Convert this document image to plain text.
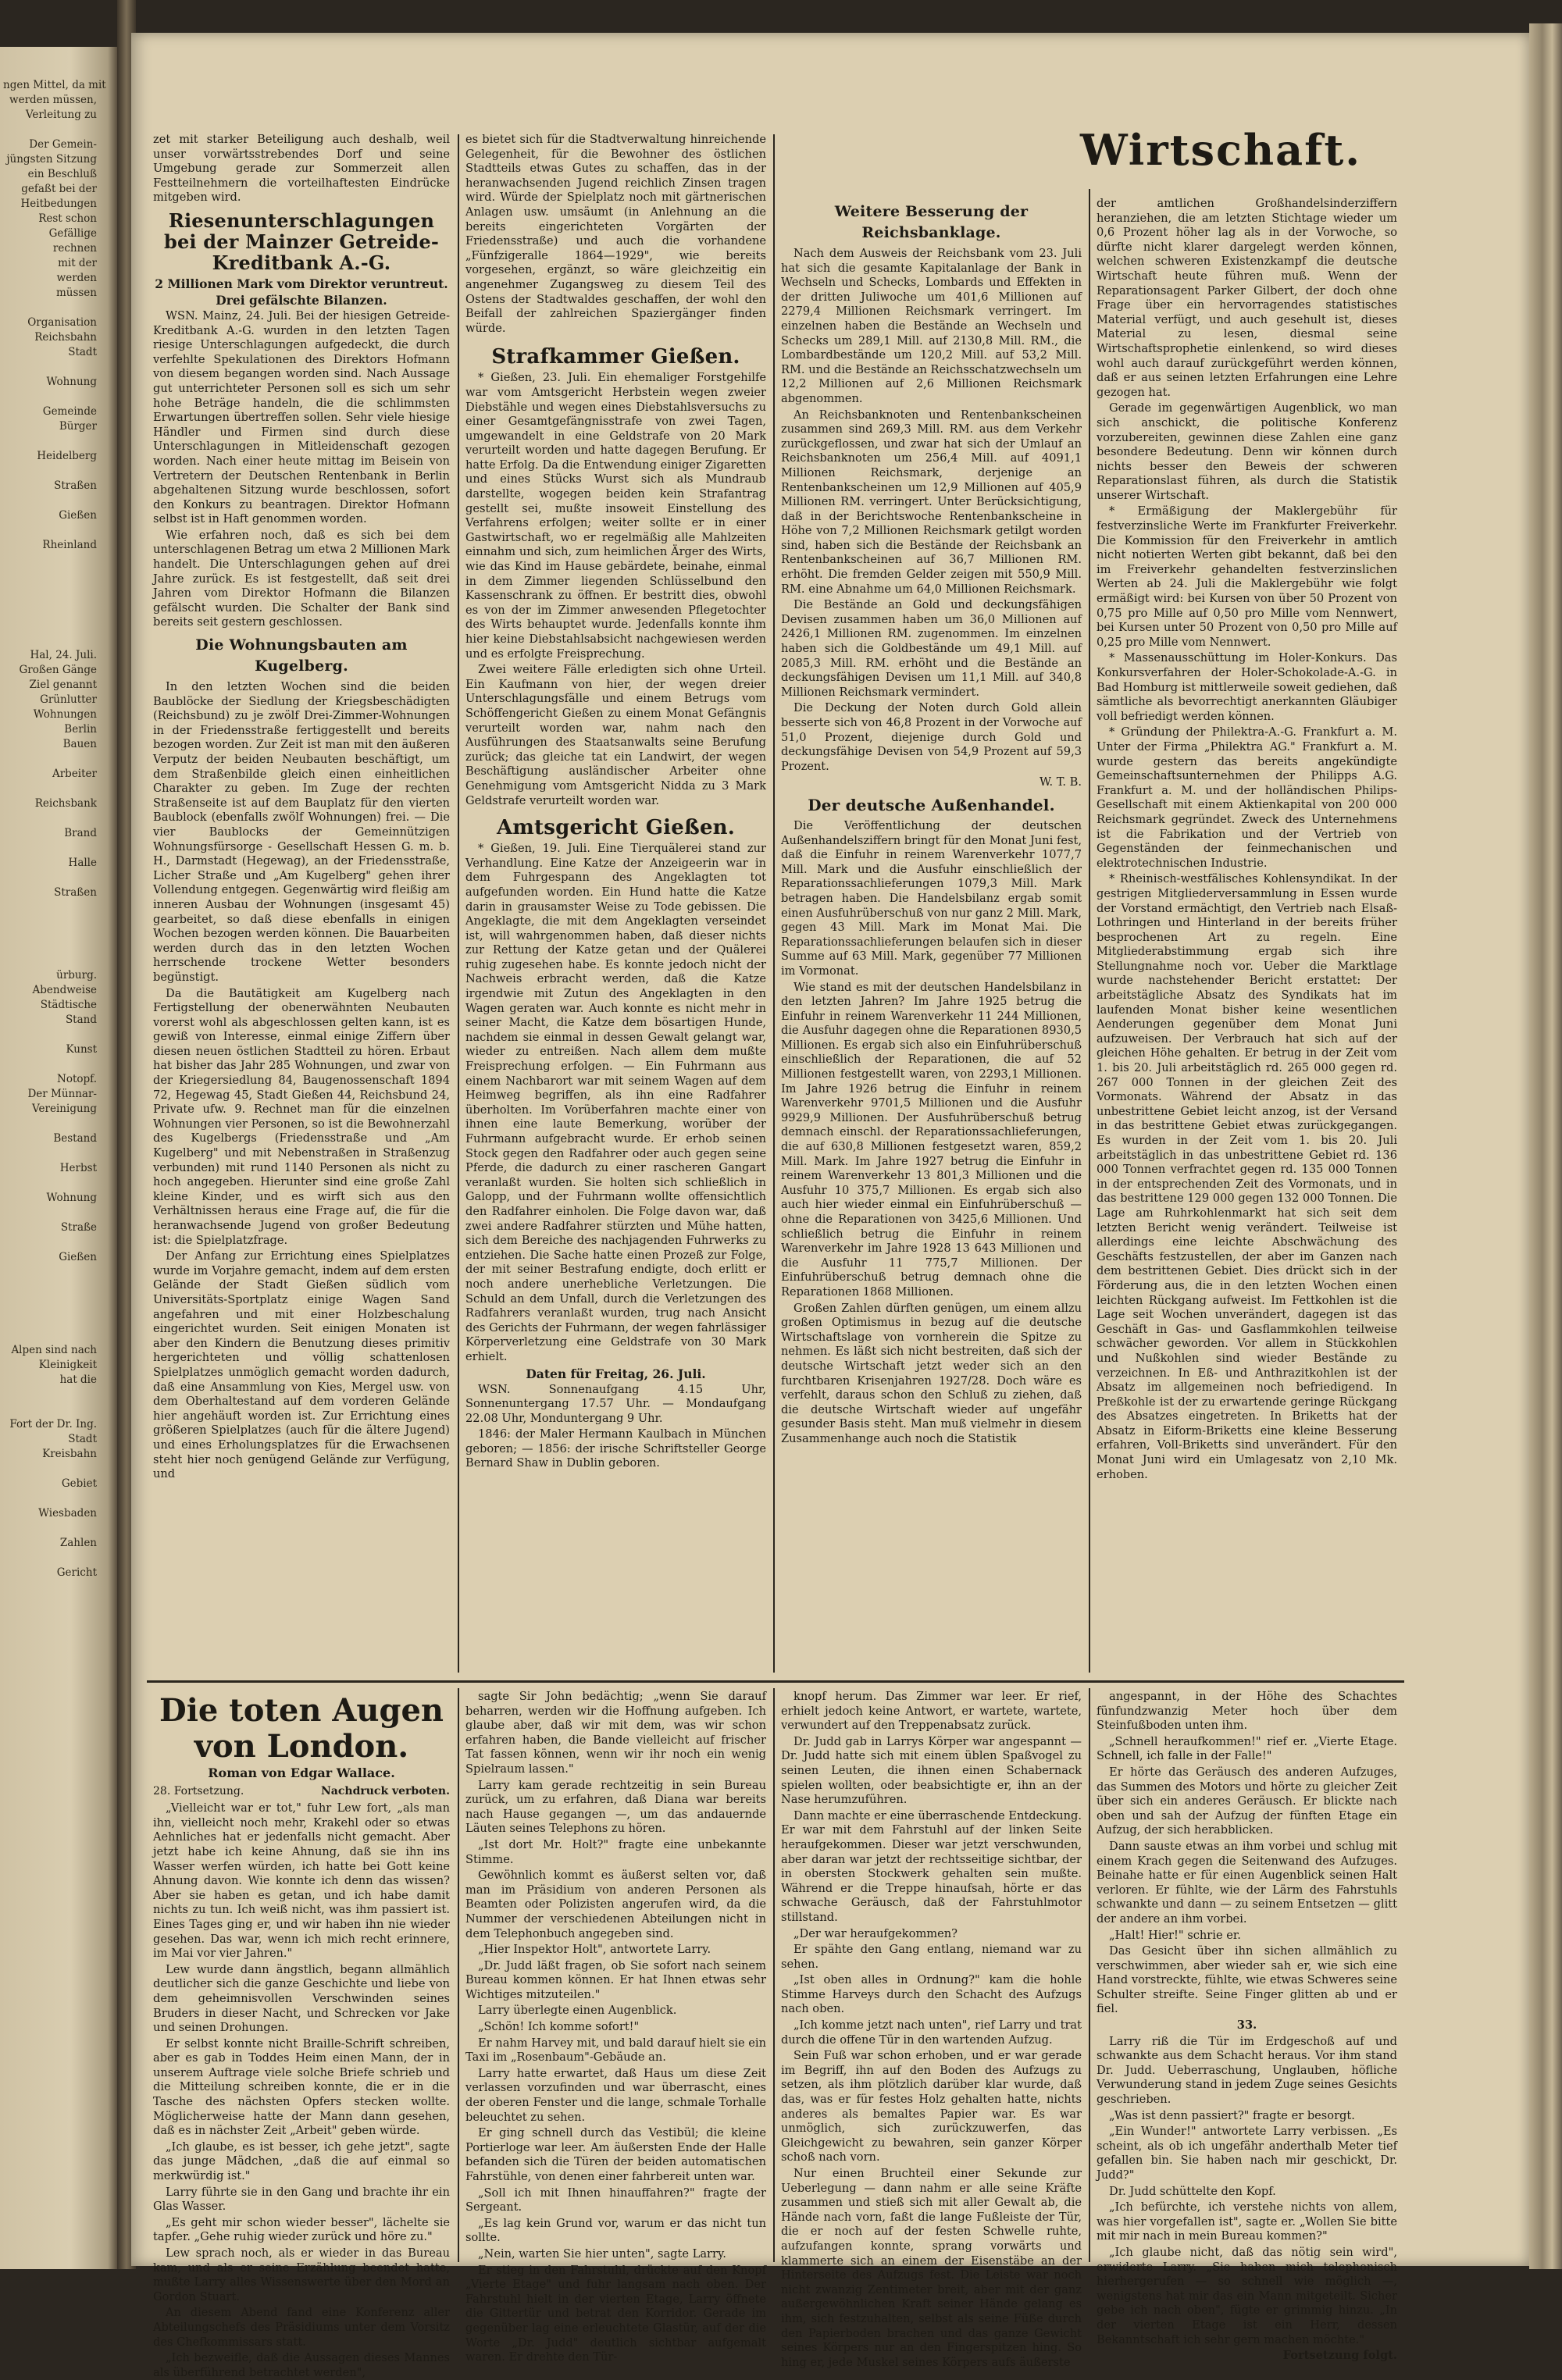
ngen Mittel, da mit
werden müssen,
Verleitung zu
Der Gemein-
jüngsten Sitzung
ein Beschluß
gefaßt bei der
Heitbedungen
Rest schon
Gefällige
rechnen
mit der
werden
müssen
Organisation
Reichsbahn
Stadt
Wohnung
Gemeinde
Bürger
Heidelberg
Straßen
Gießen
Rheinland
Hal, 24. Juli.
Großen Gänge
Ziel genannt
Grünlutter
Wohnungen
Berlin
Bauen
Arbeiter
Reichsbank
Brand
Halle
Straßen
ürburg.
Abendweise
Städtische
Stand
Kunst
Notopf.
Der Münnar-
Vereinigung
Bestand
Herbst
Wohnung
Straße
Gießen
Alpen sind nach
Kleinigkeit
hat die
Fort der Dr. Ing.
Stadt
Kreisbahn
Gebiet
Wiesbaden
Zahlen
Gericht
Wirtschaft.

zet mit starker Beteiligung auch deshalb, weil unser vorwärtsstrebendes Dorf und seine Umgebung gerade zur Sommerzeit allen Festteilnehmern die vorteilhaftesten Eindrücke mitgeben wird.

Riesenunterschlagungen bei der Mainzer Getreide-Kreditbank A.-G.
2 Millionen Mark vom Direktor veruntreut.
Drei gefälschte Bilanzen.

WSN. Mainz, 24. Juli. Bei der hiesigen Getreide-Kreditbank A.-G. wurden in den letzten Tagen riesige Unterschlagungen aufgedeckt, die durch verfehlte Spekulationen des Direktors Hofmann von diesem begangen worden sind. Nach Aussage gut unterrichteter Personen soll es sich um sehr hohe Beträge handeln, die die schlimmsten Erwartungen übertreffen sollen. Sehr viele hiesige Händler und Firmen sind durch diese Unterschlagungen in Mitleidenschaft gezogen worden. Nach einer heute mittag im Beisein von Vertretern der Deutschen Rentenbank in Berlin abgehaltenen Sitzung wurde beschlossen, sofort den Konkurs zu beantragen. Direktor Hofmann selbst ist in Haft genommen worden.

Wie erfahren noch, daß es sich bei dem unterschlagenen Betrag um etwa 2 Millionen Mark handelt. Die Unterschlagungen gehen auf drei Jahre zurück. Es ist festgestellt, daß seit drei Jahren vom Direktor Hofmann die Bilanzen gefälscht wurden. Die Schalter der Bank sind bereits seit gestern geschlossen.

Die Wohnungsbauten am Kugelberg.

In den letzten Wochen sind die beiden Baublöcke der Siedlung der Kriegsbeschädigten (Reichsbund) zu je zwölf Drei-Zimmer-Wohnungen in der Friedensstraße fertiggestellt und bereits bezogen worden. Zur Zeit ist man mit den äußeren Verputz der beiden Neubauten beschäftigt, um dem Straßenbilde gleich einen einheitlichen Charakter zu geben. Im Zuge der rechten Straßenseite ist auf dem Bauplatz für den vierten Baublock (ebenfalls zwölf Wohnungen) frei. — Die vier Baublocks der Gemeinnützigen Wohnungsfürsorge - Gesellschaft Hessen G. m. b. H., Darmstadt (Hegewag), an der Friedensstraße, Licher Straße und „Am Kugelberg" gehen ihrer Vollendung entgegen. Gegenwärtig wird fleißig am inneren Ausbau der Wohnungen (insgesamt 45) gearbeitet, so daß diese ebenfalls in einigen Wochen bezogen werden können. Die Bauarbeiten werden durch das in den letzten Wochen herrschende trockene Wetter besonders begünstigt.

Da die Bautätigkeit am Kugelberg nach Fertigstellung der obenerwähnten Neubauten vorerst wohl als abgeschlossen gelten kann, ist es gewiß von Interesse, einmal einige Ziffern über diesen neuen östlichen Stadtteil zu hören. Erbaut hat bisher das Jahr 285 Wohnungen, und zwar von der Kriegersiedlung 84, Baugenossenschaft 1894 72, Hegewag 45, Stadt Gießen 44, Reichsbund 24, Private ufw. 9. Rechnet man für die einzelnen Wohnungen vier Personen, so ist die Bewohnerzahl des Kugelbergs (Friedensstraße und „Am Kugelberg" und mit Nebenstraßen in Straßenzug verbunden) mit rund 1140 Personen als nicht zu hoch angegeben. Hierunter sind eine große Zahl kleine Kinder, und es wirft sich aus den Verhältnissen heraus eine Frage auf, die für die heranwachsende Jugend von großer Bedeutung ist: die Spielplatzfrage.

Der Anfang zur Errichtung eines Spielplatzes wurde im Vorjahre gemacht, indem auf dem ersten Gelände der Stadt Gießen südlich vom Universitäts-Sportplatz einige Wagen Sand angefahren und mit einer Holzbeschalung eingerichtet wurden. Seit einigen Monaten ist aber den Kindern die Benutzung dieses primitiv hergerichteten und völlig schattenlosen Spielplatzes unmöglich gemacht worden dadurch, daß eine Ansammlung von Kies, Mergel usw. von dem Oberhaltestand auf dem vorderen Gelände hier angehäuft worden ist. Zur Errichtung eines größeren Spielplatzes (auch für die ältere Jugend) und eines Erholungsplatzes für die Erwachsenen steht hier noch genügend Gelände zur Verfügung, und

es bietet sich für die Stadtverwaltung hinreichende Gelegenheit, für die Bewohner des östlichen Stadtteils etwas Gutes zu schaffen, das in der heranwachsenden Jugend reichlich Zinsen tragen wird. Würde der Spielplatz noch mit gärtnerischen Anlagen usw. umsäumt (in Anlehnung an die bereits eingerichteten Vorgärten der Friedensstraße) und auch die vorhandene „Fünfzigeralle 1864—1929", wie bereits vorgesehen, ergänzt, so wäre gleichzeitig ein angenehmer Zugangsweg zu diesem Teil des Ostens der Stadtwaldes geschaffen, der wohl den Beifall der zahlreichen Spaziergänger finden würde.

Strafkammer Gießen.

* Gießen, 23. Juli. Ein ehemaliger Forstgehilfe war vom Amtsgericht Herbstein wegen zweier Diebstähle und wegen eines Diebstahlsversuchs zu einer Gesamtgefängnisstrafe von zwei Tagen, umgewandelt in eine Geldstrafe von 20 Mark verurteilt worden und hatte dagegen Berufung. Er hatte Erfolg. Da die Entwendung einiger Zigaretten und eines Stücks Wurst sich als Mundraub darstellte, wogegen beiden kein Strafantrag gestellt sei, mußte insoweit Einstellung des Verfahrens erfolgen; weiter sollte er in einer Gastwirtschaft, wo er regelmäßig alle Mahlzeiten einnahm und sich, zum heimlichen Ärger des Wirts, wie das Kind im Hause gebärdete, beinahe, einmal in dem Zimmer liegenden Schlüsselbund den Kassenschrank zu öffnen. Er bestritt dies, obwohl es von der im Zimmer anwesenden Pflegetochter des Wirts behauptet wurde. Jedenfalls konnte ihm hier keine Diebstahlsabsicht nachgewiesen werden und es erfolgte Freisprechung.

Zwei weitere Fälle erledigten sich ohne Urteil. Ein Kaufmann von hier, der wegen dreier Unterschlagungsfälle und einem Betrugs vom Schöffengericht Gießen zu einem Monat Gefängnis verurteilt worden war, nahm nach den Ausführungen des Staatsanwalts seine Berufung zurück; das gleiche tat ein Landwirt, der wegen Beschäftigung ausländischer Arbeiter ohne Genehmigung vom Amtsgericht Nidda zu 3 Mark Geldstrafe verurteilt worden war.

Amtsgericht Gießen.

* Gießen, 19. Juli. Eine Tierquälerei stand zur Verhandlung. Eine Katze der Anzeigeerin war in dem Fuhrgespann des Angeklagten tot aufgefunden worden. Ein Hund hatte die Katze darin in grausamster Weise zu Tode gebissen. Die Angeklagte, die mit dem Angeklagten verseindet ist, will wahrgenommen haben, daß dieser nichts zur Rettung der Katze getan und der Quälerei ruhig zugesehen habe. Es konnte jedoch nicht der Nachweis erbracht werden, daß die Katze irgendwie mit Zutun des Angeklagten in den Wagen geraten war. Auch konnte es nicht mehr in seiner Macht, die Katze dem bösartigen Hunde, nachdem sie einmal in dessen Gewalt gelangt war, wieder zu entreißen. Nach allem dem mußte Freisprechung erfolgen. — Ein Fuhrmann aus einem Nachbarort war mit seinem Wagen auf dem Heimweg begriffen, als ihn eine Radfahrer überholten. Im Vorüberfahren machte einer von ihnen eine laute Bemerkung, worüber der Fuhrmann aufgebracht wurde. Er erhob seinen Stock gegen den Radfahrer oder auch gegen seine Pferde, die dadurch zu einer rascheren Gangart veranlaßt wurden. Sie holten sich schließlich in Galopp, und der Fuhrmann wollte offensichtlich den Radfahrer einholen. Die Folge davon war, daß zwei andere Radfahrer stürzten und Mühe hatten, sich dem Bereiche des nachjagenden Fuhrwerks zu entziehen. Die Sache hatte einen Prozeß zur Folge, der mit seiner Bestrafung endigte, doch erlitt er noch andere unerhebliche Verletzungen. Die Schuld an dem Unfall, durch die Verletzungen des Radfahrers veranlaßt wurden, trug nach Ansicht des Gerichts der Fuhrmann, der wegen fahrlässiger Körperverletzung eine Geldstrafe von 30 Mark erhielt.

Daten für Freitag, 26. Juli.

WSN. Sonnenaufgang 4.15 Uhr, Sonnenuntergang 17.57 Uhr. — Mondaufgang 22.08 Uhr, Monduntergang 9 Uhr.

1846: der Maler Hermann Kaulbach in München geboren; — 1856: der irische Schriftsteller George Bernard Shaw in Dublin geboren.

Weitere Besserung der Reichsbanklage.

Nach dem Ausweis der Reichsbank vom 23. Juli hat sich die gesamte Kapitalanlage der Bank in Wechseln und Schecks, Lombards und Effekten in der dritten Juliwoche um 401,6 Millionen auf 2279,4 Millionen Reichsmark verringert. Im einzelnen haben die Bestände an Wechseln und Schecks um 289,1 Mill. auf 2130,8 Mill. RM., die Lombardbestände um 120,2 Mill. auf 53,2 Mill. RM. und die Bestände an Reichsschatzwechseln um 12,2 Millionen auf 2,6 Millionen Reichsmark abgenommen.

An Reichsbanknoten und Rentenbankscheinen zusammen sind 269,3 Mill. RM. aus dem Verkehr zurückgeflossen, und zwar hat sich der Umlauf an Reichsbanknoten um 256,4 Mill. auf 4091,1 Millionen Reichsmark, derjenige an Rentenbankscheinen um 12,9 Millionen auf 405,9 Millionen RM. verringert. Unter Berücksichtigung, daß in der Berichtswoche Rentenbankscheine in Höhe von 7,2 Millionen Reichsmark getilgt worden sind, haben sich die Bestände der Reichsbank an Rentenbankscheinen auf 36,7 Millionen RM. erhöht. Die fremden Gelder zeigen mit 550,9 Mill. RM. eine Abnahme um 64,0 Millionen Reichsmark.

Die Bestände an Gold und deckungsfähigen Devisen zusammen haben um 36,0 Millionen auf 2426,1 Millionen RM. zugenommen. Im einzelnen haben sich die Goldbestände um 49,1 Mill. auf 2085,3 Mill. RM. erhöht und die Bestände an deckungsfähigen Devisen um 11,1 Mill. auf 340,8 Millionen Reichsmark vermindert.

Die Deckung der Noten durch Gold allein besserte sich von 46,8 Prozent in der Vorwoche auf 51,0 Prozent, diejenige durch Gold und deckungsfähige Devisen von 54,9 Prozent auf 59,3 Prozent.

W. T. B.

Der deutsche Außenhandel.

Die Veröffentlichung der deutschen Außenhandelsziffern bringt für den Monat Juni fest, daß die Einfuhr in reinem Warenverkehr 1077,7 Mill. Mark und die Ausfuhr einschließlich der Reparationssachlieferungen 1079,3 Mill. Mark betragen haben. Die Handelsbilanz ergab somit einen Ausfuhrüberschuß von nur ganz 2 Mill. Mark, gegen 43 Mill. Mark im Monat Mai. Die Reparationssachlieferungen belaufen sich in dieser Summe auf 63 Mill. Mark, gegenüber 77 Millionen im Vormonat.

Wie stand es mit der deutschen Handelsbilanz in den letzten Jahren? Im Jahre 1925 betrug die Einfuhr in reinem Warenverkehr 11 244 Millionen, die Ausfuhr dagegen ohne die Reparationen 8930,5 Millionen. Es ergab sich also ein Einfuhrüberschuß einschließlich der Reparationen, die auf 52 Millionen festgestellt waren, von 2293,1 Millionen. Im Jahre 1926 betrug die Einfuhr in reinem Warenverkehr 9701,5 Millionen und die Ausfuhr 9929,9 Millionen. Der Ausfuhrüberschuß betrug demnach einschl. der Reparationssachlieferungen, die auf 630,8 Millionen festgesetzt waren, 859,2 Mill. Mark. Im Jahre 1927 betrug die Einfuhr in reinem Warenverkehr 13 801,3 Millionen und die Ausfuhr 10 375,7 Millionen. Es ergab sich also auch hier wieder einmal ein Einfuhrüberschuß — ohne die Reparationen von 3425,6 Millionen. Und schließlich betrug die Einfuhr in reinem Warenverkehr im Jahre 1928 13 643 Millionen und die Ausfuhr 11 775,7 Millionen. Der Einfuhrüberschuß betrug demnach ohne die Reparationen 1868 Millionen.

Großen Zahlen dürften genügen, um einem allzu großen Optimismus in bezug auf die deutsche Wirtschaftslage von vornherein die Spitze zu nehmen. Es läßt sich nicht bestreiten, daß sich der deutsche Wirtschaft jetzt weder sich an den furchtbaren Krisenjahren 1927/28. Doch wäre es verfehlt, daraus schon den Schluß zu ziehen, daß die deutsche Wirtschaft wieder auf ungefähr gesunder Basis steht. Man muß vielmehr in diesem Zusammenhange auch noch die Statistik

der amtlichen Großhandelsinderziffern heranziehen, die am letzten Stichtage wieder um 0,6 Prozent höher lag als in der Vorwoche, so dürfte nicht klarer dargelegt werden können, welchen schweren Existenzkampf die deutsche Wirtschaft heute führen muß. Wenn der Reparationsagent Parker Gilbert, der doch ohne Frage über ein hervorragendes statistisches Material verfügt, und auch gesehult ist, dieses Material zu lesen, diesmal seine Wirtschaftsprophetie einlenkend, so wird dieses wohl auch darauf zurückgeführt werden können, daß er aus seinen letzten Erfahrungen eine Lehre gezogen hat.

Gerade im gegenwärtigen Augenblick, wo man sich anschickt, die politische Konferenz vorzubereiten, gewinnen diese Zahlen eine ganz besondere Bedeutung. Denn wir können durch nichts besser den Beweis der schweren Reparationslast führen, als durch die Statistik unserer Wirtschaft.

* Ermäßigung der Maklergebühr für festverzinsliche Werte im Frankfurter Freiverkehr. Die Kommission für den Freiverkehr in amtlich nicht notierten Werten gibt bekannt, daß bei den im Freiverkehr gehandelten festverzinslichen Werten ab 24. Juli die Maklergebühr wie folgt ermäßigt wird: bei Kursen von über 50 Prozent von 0,75 pro Mille auf 0,50 pro Mille vom Nennwert, bei Kursen unter 50 Prozent von 0,50 pro Mille auf 0,25 pro Mille vom Nennwert.

* Massenausschüttung im Holer-Konkurs. Das Konkursverfahren der Holer-Schokolade-A.-G. in Bad Homburg ist mittlerweile soweit gediehen, daß sämtliche als bevorrechtigt anerkannten Gläubiger voll befriedigt werden können.

* Gründung der Philektra-A.-G. Frankfurt a. M. Unter der Firma „Philektra AG." Frankfurt a. M. wurde gestern das bereits angekündigte Gemeinschaftsunternehmen der Philipps A.G. Frankfurt a. M. und der holländischen Philips-Gesellschaft mit einem Aktienkapital von 200 000 Reichsmark gegründet. Zweck des Unternehmens ist die Fabrikation und der Vertrieb von Gegenständen der feinmechanischen und elektrotechnischen Industrie.

* Rheinisch-westfälisches Kohlensyndikat. In der gestrigen Mitgliederversammlung in Essen wurde der Vorstand ermächtigt, den Vertrieb nach Elsaß-Lothringen und Hinterland in der bereits früher besprochenen Art zu regeln. Eine Mitgliederabstimmung ergab sich ihre Stellungnahme noch vor. Ueber die Marktlage wurde nachstehender Bericht erstattet: Der arbeitstägliche Absatz des Syndikats hat im laufenden Monat bisher keine wesentlichen Aenderungen gegenüber dem Monat Juni aufzuweisen. Der Verbrauch hat sich auf der gleichen Höhe gehalten. Er betrug in der Zeit vom 1. bis 20. Juli arbeitstäglich rd. 265 000 gegen rd. 267 000 Tonnen in der gleichen Zeit des Vormonats. Während der Absatz in das unbestrittene Gebiet leicht anzog, ist der Versand in das bestrittene Gebiet etwas zurückgegangen. Es wurden in der Zeit vom 1. bis 20. Juli arbeitstäglich in das unbestrittene Gebiet rd. 136 000 Tonnen verfrachtet gegen rd. 135 000 Tonnen in der entsprechenden Zeit des Vormonats, und in das bestrittene 129 000 gegen 132 000 Tonnen. Die Lage am Ruhrkohlenmarkt hat sich seit dem letzten Bericht wenig verändert. Teilweise ist allerdings eine leichte Abschwächung des Geschäfts festzustellen, der aber im Ganzen nach dem bestrittenen Gebiet. Dies drückt sich in der Förderung aus, die in den letzten Wochen einen leichten Rückgang aufweist. Im Fettkohlen ist die Lage seit Wochen unverändert, dagegen ist das Geschäft in Gas- und Gasflammkohlen teilweise schwächer geworden. Vor allem in Stückkohlen und Nußkohlen sind wieder Bestände zu verzeichnen. In Eß- und Anthrazitkohlen ist der Absatz im allgemeinen noch befriedigend. In Preßkohle ist der zu erwartende geringe Rückgang des Absatzes eingetreten. In Briketts hat der Absatz in Eiform-Briketts eine kleine Besserung erfahren, Voll-Briketts sind unverändert. Für den Monat Juni wird ein Umlagesatz von 2,10 Mk. erhoben.

Die toten Augen von London.
Roman von Edgar Wallace.
28. Fortsetzung.	Nachdruck verboten.

„Vielleicht war er tot," fuhr Lew fort, „als man ihn, vielleicht noch mehr, Krakehl oder so etwas Aehnliches hat er jedenfalls nicht gemacht. Aber jetzt habe ich keine Ahnung, daß sie ihn ins Wasser werfen würden, ich hatte bei Gott keine Ahnung davon. Wie konnte ich denn das wissen? Aber sie haben es getan, und ich habe damit nichts zu tun. Ich weiß nicht, was ihm passiert ist. Eines Tages ging er, und wir haben ihn nie wieder gesehen. Das war, wenn ich mich recht erinnere, im Mai vor vier Jahren."

Lew wurde dann ängstlich, begann allmählich deutlicher sich die ganze Geschichte und liebe von dem geheimnisvollen Verschwinden seines Bruders in dieser Nacht, und Schrecken vor Jake und seinen Drohungen.

Er selbst konnte nicht Braille-Schrift schreiben, aber es gab in Toddes Heim einen Mann, der in unserem Auftrage viele solche Briefe schrieb und die Mitteilung schreiben konnte, die er in die Tasche des nächsten Opfers stecken wollte. Möglicherweise hatte der Mann dann gesehen, daß es in nächster Zeit „Arbeit" geben würde.

„Ich glaube, es ist besser, ich gehe jetzt", sagte das junge Mädchen, „daß die auf einmal so merkwürdig ist."

Larry führte sie in den Gang und brachte ihr ein Glas Wasser.

„Es geht mir schon wieder besser", lächelte sie tapfer. „Gehe ruhig wieder zurück und höre zu."

Lew sprach noch, als er wieder in das Bureau kam, und als er seine Erzählung beendet hatte, mußte Larry alles Wissenswerte über den Mord an Gordon Stuart.

An diesem Abend fand eine Konferenz aller Abteilungschefs des Präsidiums unter dem Vorsitz des Chefkommissars statt.

„Ich bezweifle, daß die Aussagen dieses Mannes als überführend betrachtet werden",

sagte Sir John bedächtig; „wenn Sie darauf beharren, werden wir die Hoffnung aufgeben. Ich glaube aber, daß wir mit dem, was wir schon erfahren haben, die Bande vielleicht auf frischer Tat fassen können, wenn wir ihr noch ein wenig Spielraum lassen."

Larry kam gerade rechtzeitig in sein Bureau zurück, um zu erfahren, daß Diana war bereits nach Hause gegangen —, um das andauernde Läuten seines Telephons zu hören.

„Ist dort Mr. Holt?" fragte eine unbekannte Stimme.

Gewöhnlich kommt es äußerst selten vor, daß man im Präsidium von anderen Personen als Beamten oder Polizisten angerufen wird, da die Nummer der verschiedenen Abteilungen nicht in dem Telephonbuch angegeben sind.

„Hier Inspektor Holt", antwortete Larry.

„Dr. Judd läßt fragen, ob Sie sofort nach seinem Bureau kommen können. Er hat Ihnen etwas sehr Wichtiges mitzuteilen."

Larry überlegte einen Augenblick.

„Schön! Ich komme sofort!"

Er nahm Harvey mit, und bald darauf hielt sie ein Taxi im „Rosenbaum"-Gebäude an.

Larry hatte erwartet, daß Haus um diese Zeit verlassen vorzufinden und war überrascht, eines der oberen Fenster und die lange, schmale Torhalle beleuchtet zu sehen.

Er ging schnell durch das Vestibül; die kleine Portierloge war leer. Am äußersten Ende der Halle befanden sich die Türen der beiden automatischen Fahrstühle, von denen einer fahrbereit unten war.

„Soll ich mit Ihnen hinauffahren?" fragte der Sergeant.

„Es lag kein Grund vor, warum er das nicht tun sollte.

„Nein, warten Sie hier unten", sagte Larry.

Er stieg in den Fahrstuhl, drückte auf den Knopf „Vierte Etage" und fuhr langsam nach oben. Der Fahrstuhl hielt in der vierten Etage, Larry öffnete die Gittertür und betrat den Korridor. Gerade im gegenüber lag eine erleuchtete Glastür, auf der die Worte „Dr. Judd" deutlich sichtbar aufgemalt waren. Er drehte den Tür-

knopf herum. Das Zimmer war leer. Er rief, erhielt jedoch keine Antwort, er wartete, wartete, verwundert auf den Treppenabsatz zurück.

Dr. Judd gab in Larrys Körper war angespannt — Dr. Judd hatte sich mit einem üblen Spaßvogel zu seinen Leuten, die ihnen einen Schabernack spielen wollten, oder beabsichtigte er, ihn an der Nase herumzuführen.

Dann machte er eine überraschende Entdeckung. Er war mit dem Fahrstuhl auf der linken Seite heraufgekommen. Dieser war jetzt verschwunden, aber daran war jetzt der rechtsseitige sichtbar, der in obersten Stockwerk gehalten sein mußte. Während er die Treppe hinaufsah, hörte er das schwache Geräusch, daß der Fahrstuhlmotor stillstand.

„Der war heraufgekommen?

Er spähte den Gang entlang, niemand war zu sehen.

„Ist oben alles in Ordnung?" kam die hohle Stimme Harveys durch den Schacht des Aufzugs nach oben.

„Ich komme jetzt nach unten", rief Larry und trat durch die offene Tür in den wartenden Aufzug.

Sein Fuß war schon erhoben, und er war gerade im Begriff, ihn auf den Boden des Aufzugs zu setzen, als ihm plötzlich darüber klar wurde, daß das, was er für festes Holz gehalten hatte, nichts anderes als bemaltes Papier war. Es war unmöglich, sich zurückzuwerfen, das Gleichgewicht zu bewahren, sein ganzer Körper schoß nach vorn.

Nur einen Bruchteil einer Sekunde zur Ueberlegung — dann nahm er alle seine Kräfte zusammen und stieß sich mit aller Gewalt ab, die Hände nach vorn, faßt die lange Fußleiste der Tür, die er noch auf der festen Schwelle ruhte, aufzufangen konnte, sprang vorwärts und klammerte sich an einem der Eisenstäbe an der Hinterseite des Aufzugs fest. Die Leiste war noch nicht zwanzig Zentimeter breit, aber mit der ganz außergewöhnlichen Kraft seiner Hände gelang es ihm, sich festzuhalten, selbst als seine Füße durch den Papierboden brachen und das ganze Gewicht seines Körpers nur an den Fingerspitzen hing. So hing er, jede Muskel seines Körpers aufs äußerste

angespannt, in der Höhe des Schachtes fünfundzwanzig Meter hoch über dem Steinfußboden unten ihm.

„Schnell heraufkommen!" rief er. „Vierte Etage. Schnell, ich falle in der Falle!"

Er hörte das Geräusch des anderen Aufzuges, das Summen des Motors und hörte zu gleicher Zeit über sich ein anderes Geräusch. Er blickte nach oben und sah der Aufzug der fünften Etage ein Aufzug, der sich herabblicken.

Dann sauste etwas an ihm vorbei und schlug mit einem Krach gegen die Seitenwand des Aufzuges. Beinahe hatte er für einen Augenblick seinen Halt verloren. Er fühlte, wie der Lärm des Fahrstuhls schwankte und dann — zu seinem Entsetzen — glitt der andere an ihm vorbei.

„Halt! Hier!" schrie er.

Das Gesicht über ihn sichen allmählich zu verschwimmen, aber wieder sah er, wie sich eine Hand vorstreckte, fühlte, wie etwas Schweres seine Schulter streifte. Seine Finger glitten ab und er fiel.

33.

Larry riß die Tür im Erdgeschoß auf und schwankte aus dem Schacht heraus. Vor ihm stand Dr. Judd. Ueberraschung, Unglauben, höfliche Verwunderung stand in jedem Zuge seines Gesichts geschrieben.

„Was ist denn passiert?" fragte er besorgt.

„Ein Wunder!" antwortete Larry verbissen. „Es scheint, als ob ich ungefähr anderthalb Meter tief gefallen bin. Sie haben nach mir geschickt, Dr. Judd?"

Dr. Judd schüttelte den Kopf.

„Ich befürchte, ich verstehe nichts von allem, was hier vorgefallen ist", sagte er. „Wollen Sie bitte mit mir nach in mein Bureau kommen?"

„Ich glaube nicht, daß das nötig sein wird", erwiderte Larry. „Sie haben mich telephonisch hierhergerufen — so schnell wie möglich —, wenigstens hat mir das ein Mann mitgeteilt. Sicher gebe ich nach oben", fügte er grimmig hinzu. „In der vierten Etage ist ein Herr, dessen Bekanntschaft ich sehr gern machen möchte."

Fortsetzung folgt.
